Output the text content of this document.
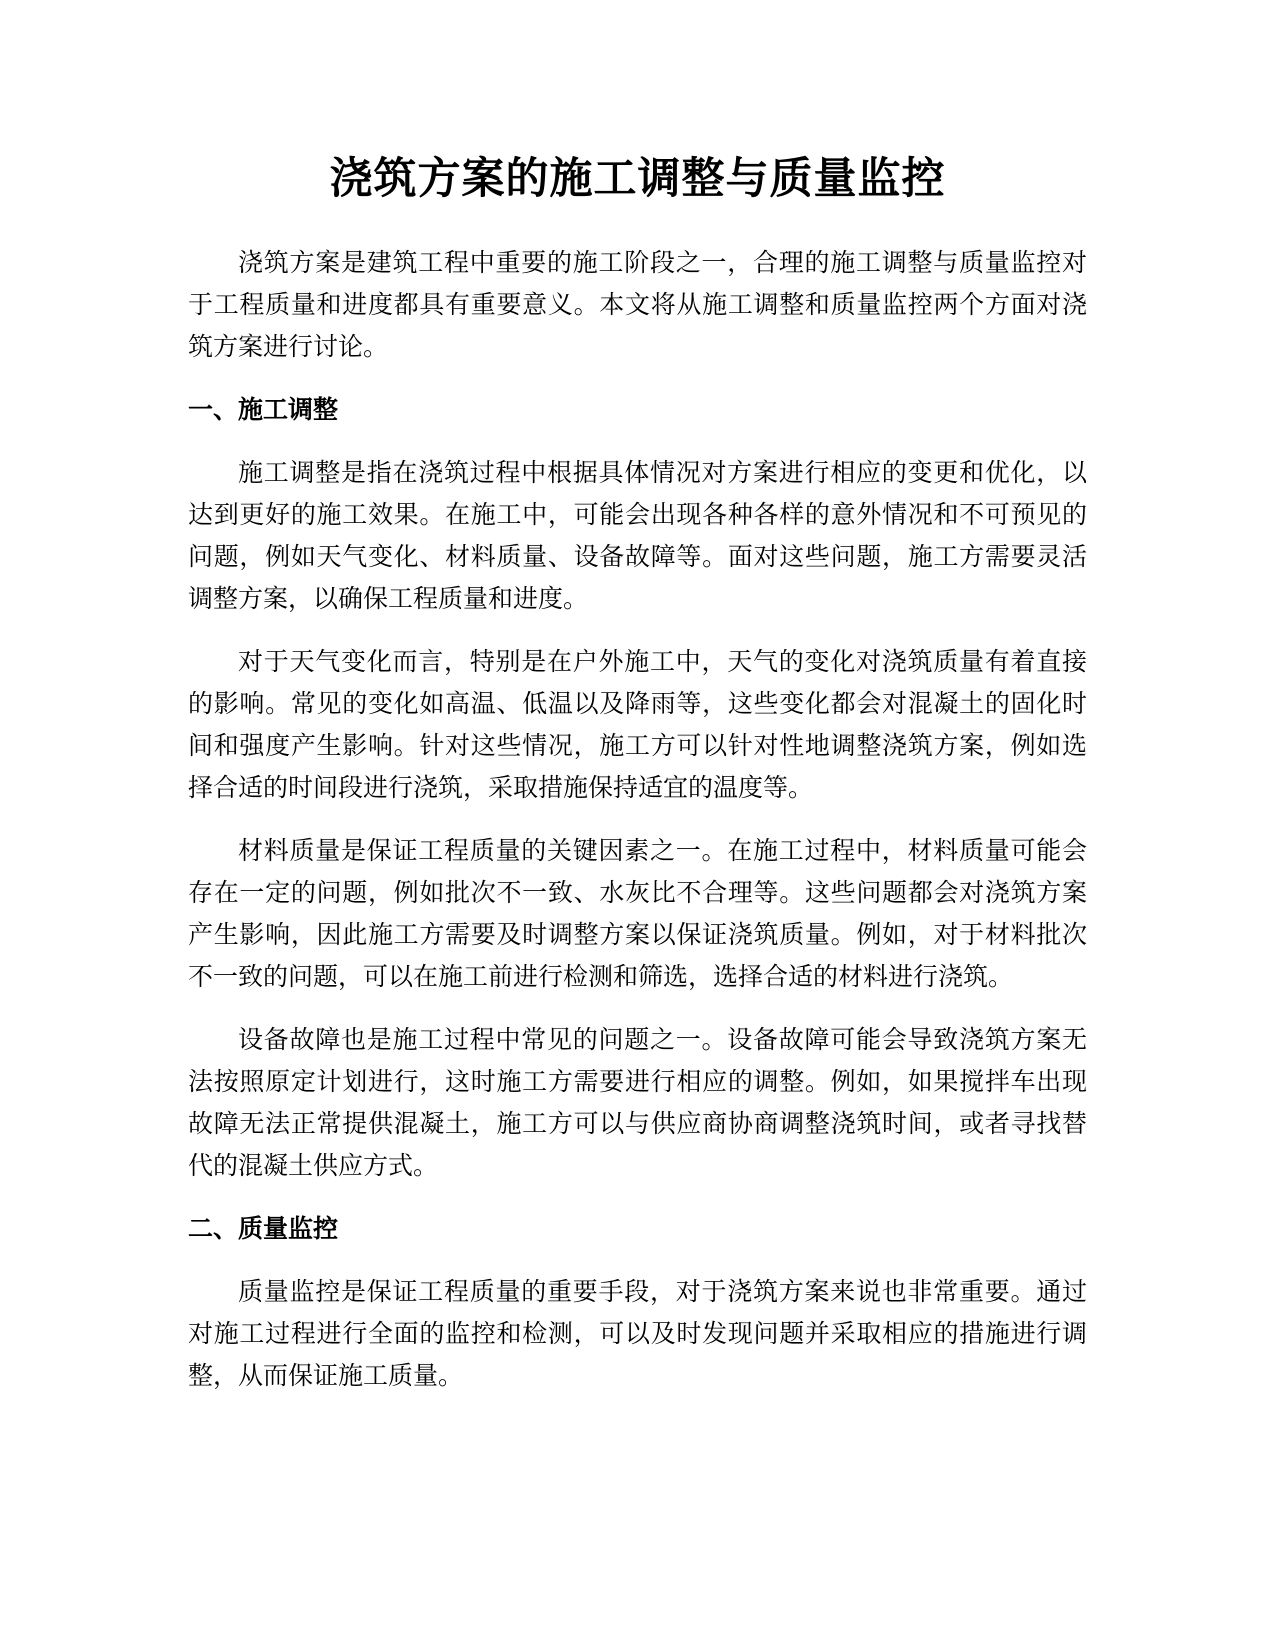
浇筑方案的施工调整与质量监控

浇筑方案是建筑工程中重要的施工阶段之一，合理的施工调整与质量监控对于工程质量和进度都具有重要意义。本文将从施工调整和质量监控两个方面对浇筑方案进行讨论。

一、施工调整

施工调整是指在浇筑过程中根据具体情况对方案进行相应的变更和优化，以达到更好的施工效果。在施工中，可能会出现各种各样的意外情况和不可预见的问题，例如天气变化、材料质量、设备故障等。面对这些问题，施工方需要灵活调整方案，以确保工程质量和进度。

对于天气变化而言，特别是在户外施工中，天气的变化对浇筑质量有着直接的影响。常见的变化如高温、低温以及降雨等，这些变化都会对混凝土的固化时间和强度产生影响。针对这些情况，施工方可以针对性地调整浇筑方案，例如选择合适的时间段进行浇筑，采取措施保持适宜的温度等。

材料质量是保证工程质量的关键因素之一。在施工过程中，材料质量可能会存在一定的问题，例如批次不一致、水灰比不合理等。这些问题都会对浇筑方案产生影响，因此施工方需要及时调整方案以保证浇筑质量。例如，对于材料批次不一致的问题，可以在施工前进行检测和筛选，选择合适的材料进行浇筑。

设备故障也是施工过程中常见的问题之一。设备故障可能会导致浇筑方案无法按照原定计划进行，这时施工方需要进行相应的调整。例如，如果搅拌车出现故障无法正常提供混凝土，施工方可以与供应商协商调整浇筑时间，或者寻找替代的混凝土供应方式。

二、质量监控

质量监控是保证工程质量的重要手段，对于浇筑方案来说也非常重要。通过对施工过程进行全面的监控和检测，可以及时发现问题并采取相应的措施进行调整，从而保证施工质量。
